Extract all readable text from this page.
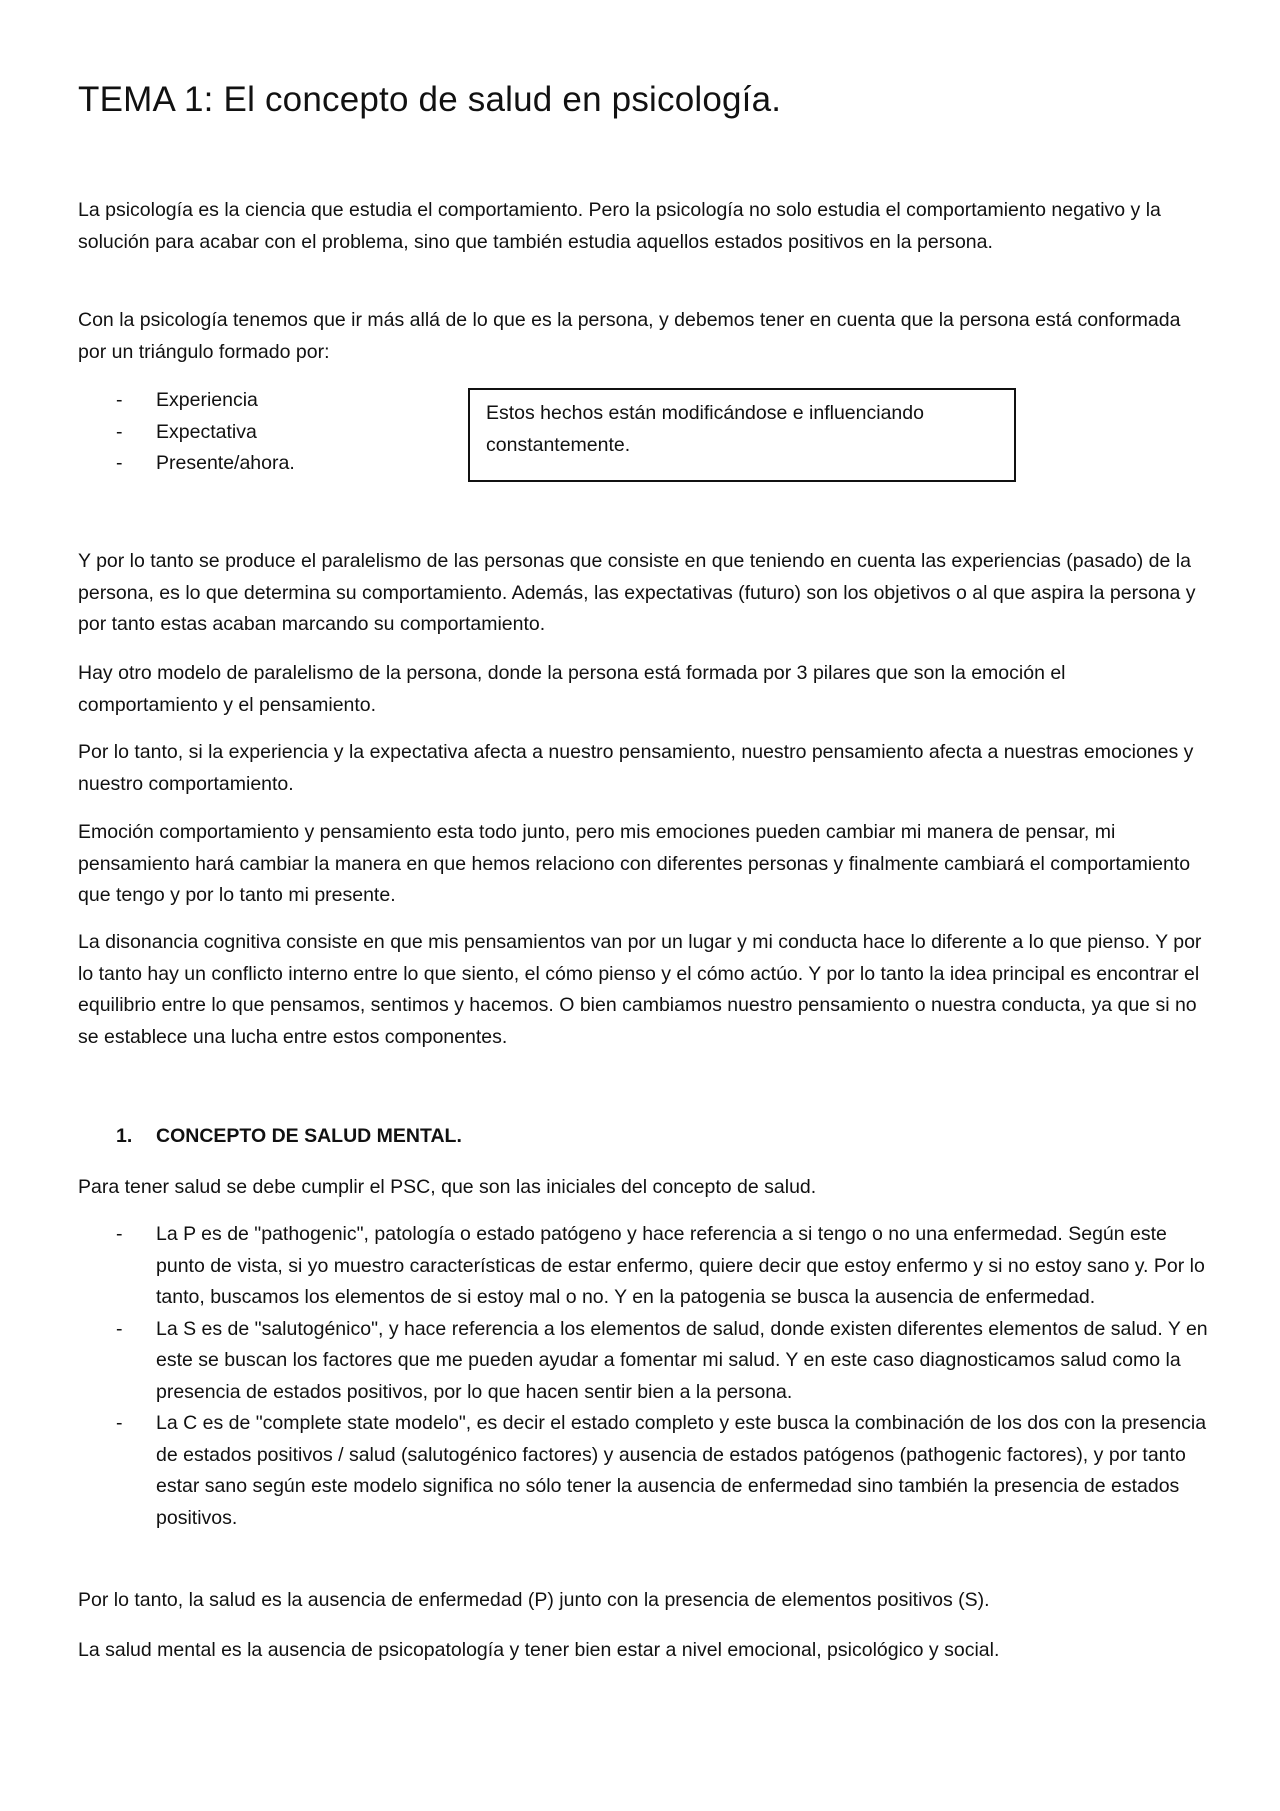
TEMA 1: El concepto de salud en psicología.

La psicología es la ciencia que estudia el comportamiento. Pero la psicología no solo estudia el comportamiento negativo y la solución para acabar con el problema, sino que también estudia aquellos estados positivos en la persona.

Con la psicología tenemos que ir más allá de lo que es la persona, y debemos tener en cuenta que la persona está conformada por un triángulo formado por:

- Experiencia
- Expectativa
- Presente/ahora.
Estos hechos están modificándose e influenciando constantemente.

Y por lo tanto se produce el paralelismo de las personas que consiste en que teniendo en cuenta las experiencias (pasado) de la persona, es lo que determina su comportamiento. Además, las expectativas (futuro) son los objetivos o al que aspira la persona y por tanto estas acaban marcando su comportamiento.

Hay otro modelo de paralelismo de la persona, donde la persona está formada por 3 pilares que son la emoción el comportamiento y el pensamiento.

Por lo tanto, si la experiencia y la expectativa afecta a nuestro pensamiento, nuestro pensamiento afecta a nuestras emociones y nuestro comportamiento.

Emoción comportamiento y pensamiento esta todo junto, pero mis emociones pueden cambiar mi manera de pensar, mi pensamiento hará cambiar la manera en que hemos relaciono con diferentes personas y finalmente cambiará el comportamiento que tengo y por lo tanto mi presente.

La disonancia cognitiva consiste en que mis pensamientos van por un lugar y mi conducta hace lo diferente a lo que pienso. Y por lo tanto hay un conflicto interno entre lo que siento, el cómo pienso y el cómo actúo. Y por lo tanto la idea principal es encontrar el equilibrio entre lo que pensamos, sentimos y hacemos. O bien cambiamos nuestro pensamiento o nuestra conducta, ya que si no se establece una lucha entre estos componentes.

1. CONCEPTO DE SALUD MENTAL.

Para tener salud se debe cumplir el PSC, que son las iniciales del concepto de salud.

- La P es de "pathogenic", patología o estado patógeno y hace referencia a si tengo o no una enfermedad. Según este punto de vista, si yo muestro características de estar enfermo, quiere decir que estoy enfermo y si no estoy sano y. Por lo tanto, buscamos los elementos de si estoy mal o no. Y en la patogenia se busca la ausencia de enfermedad.
- La S es de "salutogénico", y hace referencia a los elementos de salud, donde existen diferentes elementos de salud. Y en este se buscan los factores que me pueden ayudar a fomentar mi salud. Y en este caso diagnosticamos salud como la presencia de estados positivos, por lo que hacen sentir bien a la persona.
- La C es de "complete state modelo", es decir el estado completo y este busca la combinación de los dos con la presencia de estados positivos / salud (salutogénico factores) y ausencia de estados patógenos (pathogenic factores), y por tanto estar sano según este modelo significa no sólo tener la ausencia de enfermedad sino también la presencia de estados positivos.

Por lo tanto, la salud es la ausencia de enfermedad (P) junto con la presencia de elementos positivos (S).

La salud mental es la ausencia de psicopatología y tener bien estar a nivel emocional, psicológico y social.
